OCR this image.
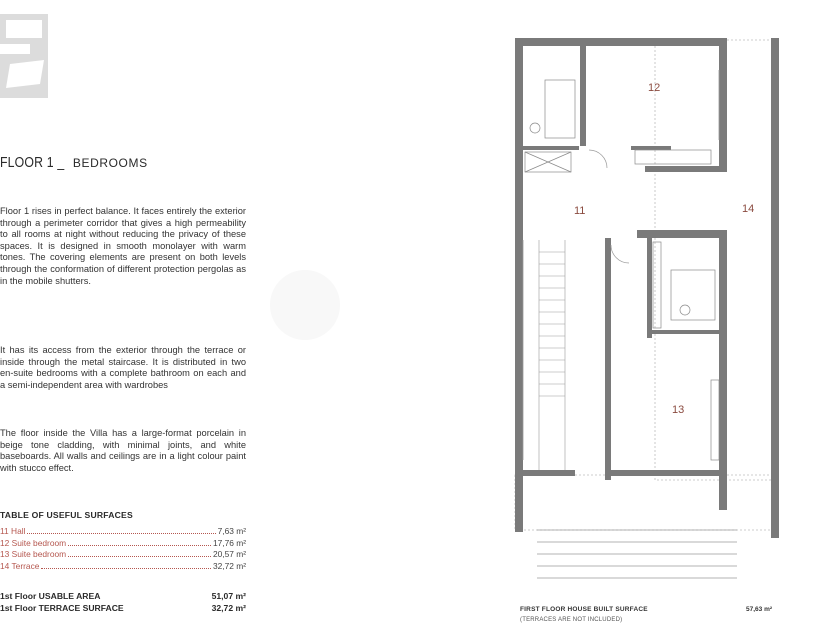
FLOOR 1 _ BEDROOMS
Floor 1 rises in perfect balance. It faces entirely the exterior through a perimeter corridor that gives a high permeability to all rooms at night without reducing the privacy of these spaces. It is designed in smooth monolayer with warm tones. The covering elements are present on both levels through the conformation of different protection pergolas as in the mobile shutters.
It has its access from the exterior through the terrace or inside through the metal staircase. It is distributed in two en-suite bedrooms with a complete bathroom on each and a semi-independent area with wardrobes
The floor inside the Villa has a large-format porcelain in beige tone cladding, with minimal joints, and white baseboards. All walls and ceilings are in a light colour paint with stucco effect.
TABLE OF USEFUL SURFACES
11 Hall	7,63 m²
12 Suite bedroom	17,76 m²
13 Suite bedroom	20,57 m²
14 Terrace	32,72 m²
1st Floor USABLE AREA	51,07 m²
1st Floor TERRACE SURFACE	32,72 m²
12
11	14
13
FIRST FLOOR HOUSE BUILT SURFACE
(TERRACES ARE NOT INCLUDED)
57,63 m²
